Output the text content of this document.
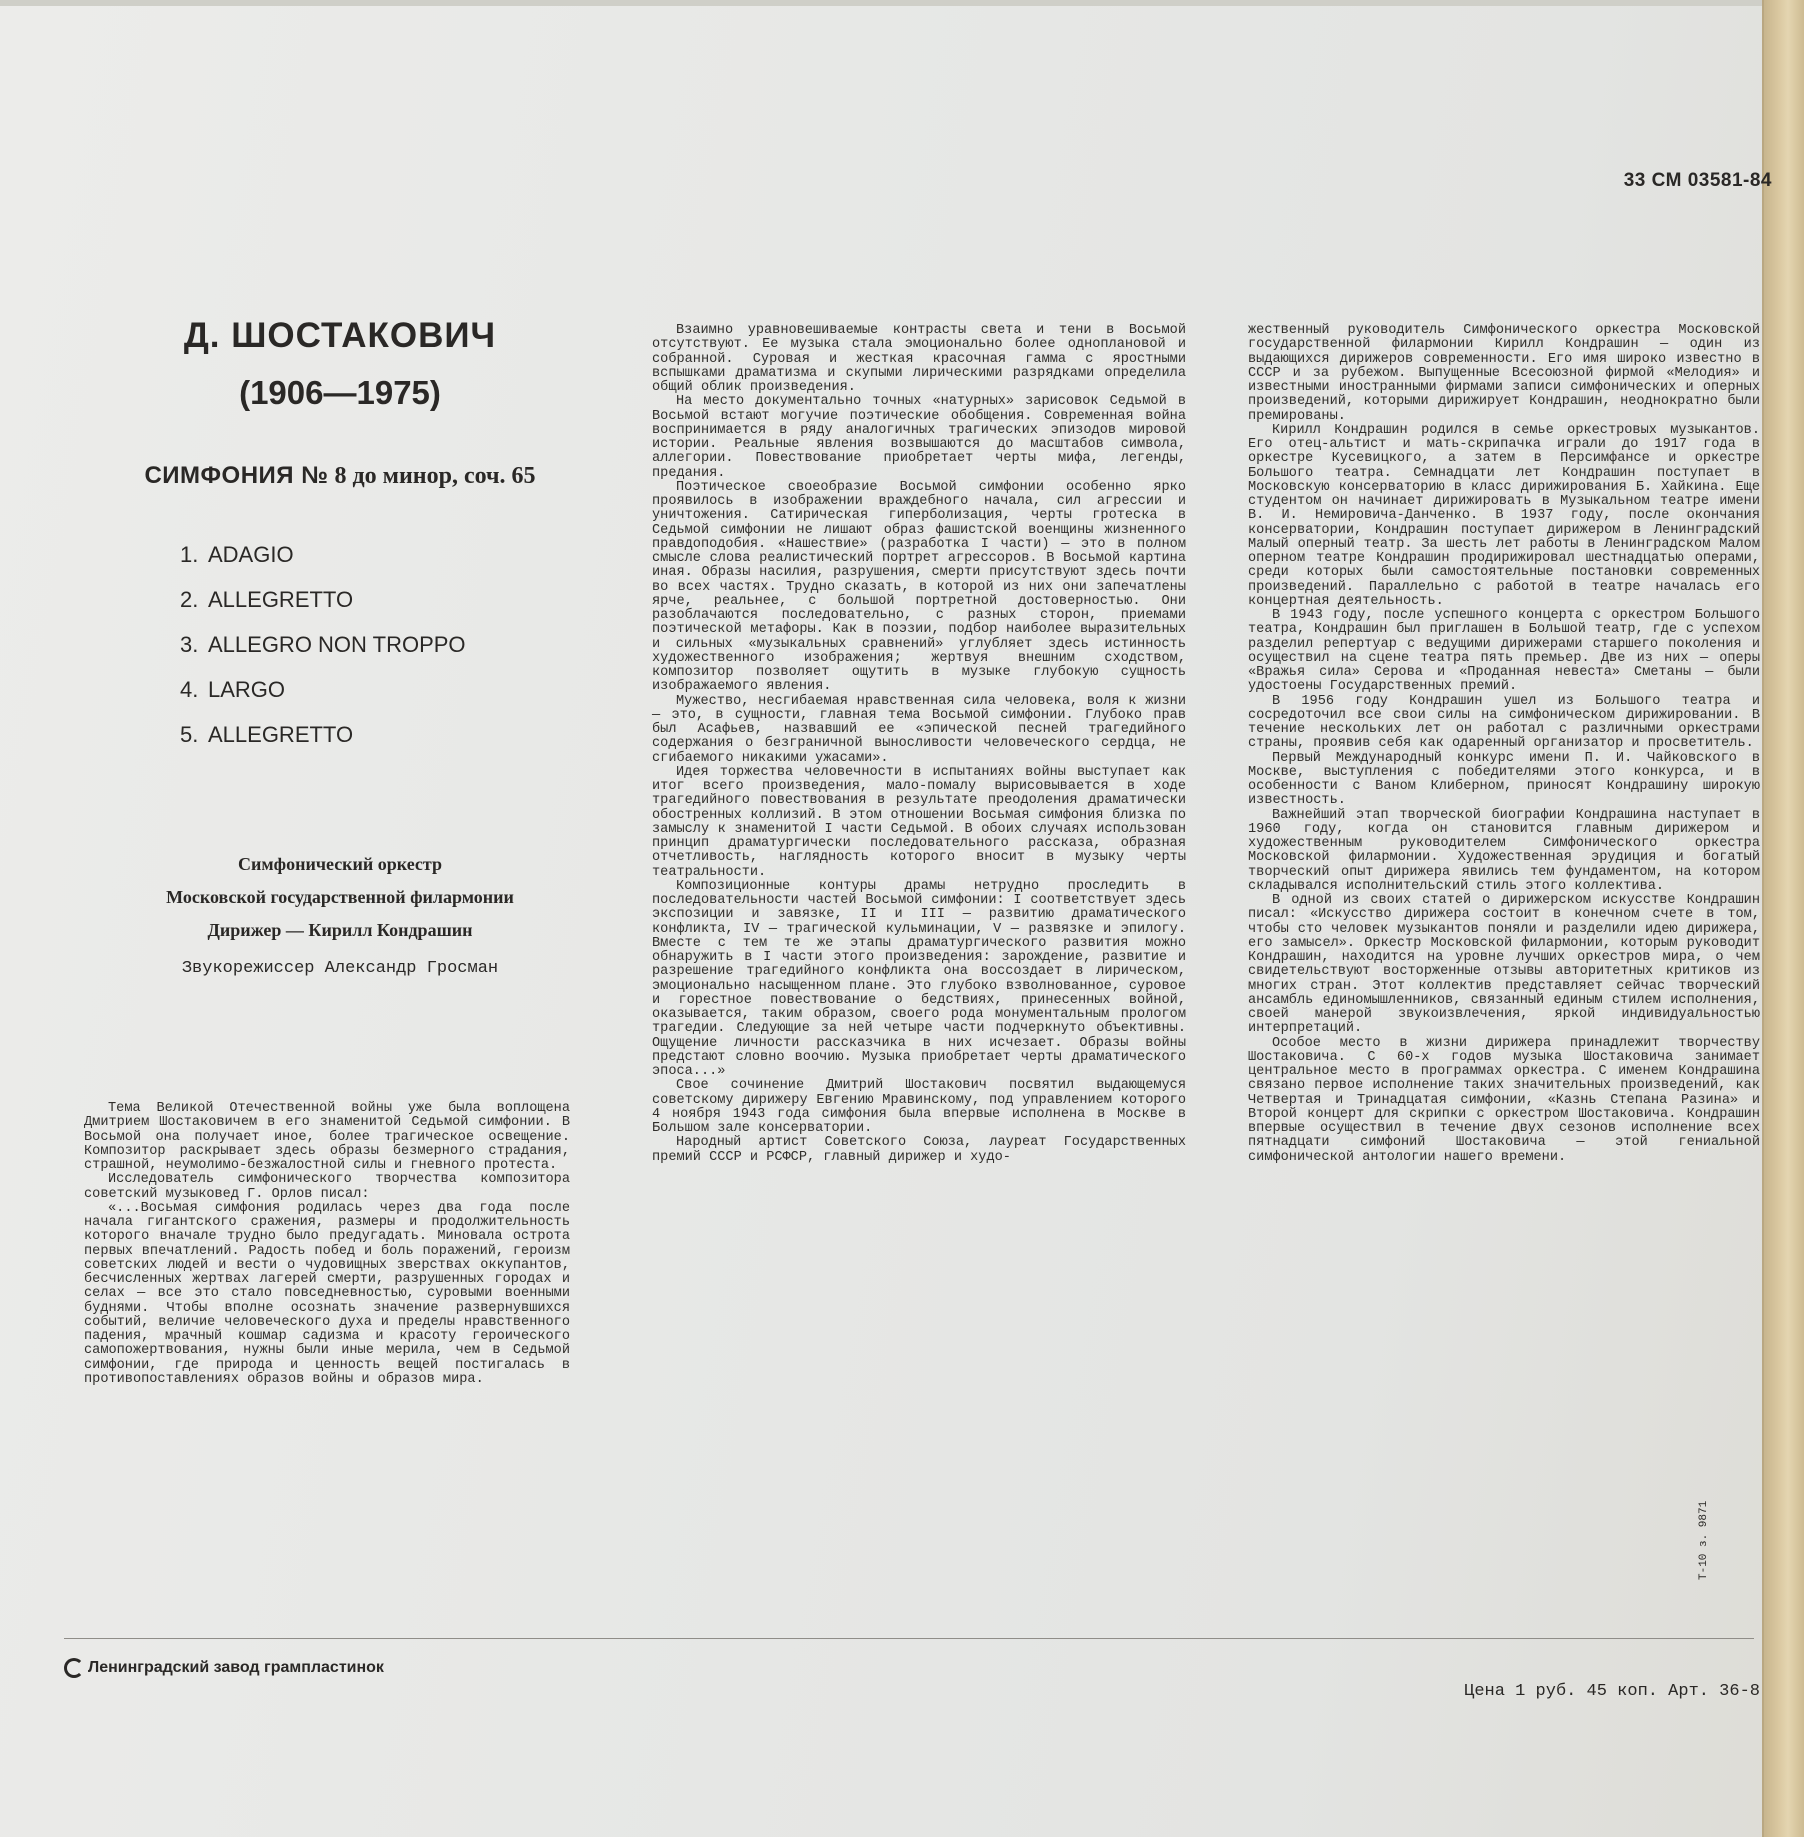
33 СМ 03581-84
Д. ШОСТАКОВИЧ
(1906—1975)
СИМФОНИЯ № 8 до минор, соч. 65
1. ADAGIO
2. ALLEGRETTO
3. ALLEGRO NON TROPPO
4. LARGO
5. ALLEGRETTO
Симфонический оркестр
Московской государственной филармонии
Дирижер — Кирилл Кондрашин
Звукорежиссер Александр Гросман

Тема Великой Отечественной войны уже была воплощена Дмитрием Шостаковичем в его знаменитой Седьмой симфонии. В Восьмой она получает иное, более трагическое освещение. Композитор раскрывает здесь образы безмерного страдания, страшной, неумолимо-безжалостной силы и гневного протеста.

Исследователь симфонического творчества композитора советский музыковед Г. Орлов писал:

«...Восьмая симфония родилась через два года после начала гигантского сражения, размеры и продолжительность которого вначале трудно было предугадать. Миновала острота первых впечатлений. Радость побед и боль поражений, героизм советских людей и вести о чудовищных зверствах оккупантов, бесчисленных жертвах лагерей смерти, разрушенных городах и селах — все это стало повседневностью, суровыми военными буднями. Чтобы вполне осознать значение развернувшихся событий, величие человеческого духа и пределы нравственного падения, мрачный кошмар садизма и красоту героического самопожертвования, нужны были иные мерила, чем в Седьмой симфонии, где природа и ценность вещей постигалась в противопоставлениях образов войны и образов мира.

Взаимно уравновешиваемые контрасты света и тени в Восьмой отсутствуют. Ее музыка стала эмоционально более одноплановой и собранной. Суровая и жесткая красочная гамма с яростными вспышками драматизма и скупыми лирическими разрядками определила общий облик произведения.

На место документально точных «натурных» зарисовок Седьмой в Восьмой встают могучие поэтические обобщения. Современная война воспринимается в ряду аналогичных трагических эпизодов мировой истории. Реальные явления возвышаются до масштабов символа, аллегории. Повествование приобретает черты мифа, легенды, предания.

Поэтическое своеобразие Восьмой симфонии особенно ярко проявилось в изображении враждебного начала, сил агрессии и уничтожения. Сатирическая гиперболизация, черты гротеска в Седьмой симфонии не лишают образ фашистской военщины жизненного правдоподобия. «Нашествие» (разработка I части) — это в полном смысле слова реалистический портрет агрессоров. В Восьмой картина иная. Образы насилия, разрушения, смерти присутствуют здесь почти во всех частях. Трудно сказать, в которой из них они запечатлены ярче, реальнее, с большой портретной достоверностью. Они разоблачаются последовательно, с разных сторон, приемами поэтической метафоры. Как в поэзии, подбор наиболее выразительных и сильных «музыкальных сравнений» углубляет здесь истинность художественного изображения; жертвуя внешним сходством, композитор позволяет ощутить в музыке глубокую сущность изображаемого явления.

Мужество, несгибаемая нравственная сила человека, воля к жизни — это, в сущности, главная тема Восьмой симфонии. Глубоко прав был Асафьев, назвавший ее «эпической песней трагедийного содержания о безграничной выносливости человеческого сердца, не сгибаемого никакими ужасами».

Идея торжества человечности в испытаниях войны выступает как итог всего произведения, мало-помалу вырисовывается в ходе трагедийного повествования в результате преодоления драматически обостренных коллизий. В этом отношении Восьмая симфония близка по замыслу к знаменитой I части Седьмой. В обоих случаях использован принцип драматургически последовательного рассказа, образная отчетливость, наглядность которого вносит в музыку черты театральности.

Композиционные контуры драмы нетрудно проследить в последовательности частей Восьмой симфонии: I соответствует здесь экспозиции и завязке, II и III — развитию драматического конфликта, IV — трагической кульминации, V — развязке и эпилогу. Вместе с тем те же этапы драматургического развития можно обнаружить в I части этого произведения: зарождение, развитие и разрешение трагедийного конфликта она воссоздает в лирическом, эмоционально насыщенном плане. Это глубоко взволнованное, суровое и горестное повествование о бедствиях, принесенных войной, оказывается, таким образом, своего рода монументальным прологом трагедии. Следующие за ней четыре части подчеркнуто объективны. Ощущение личности рассказчика в них исчезает. Образы войны предстают словно воочию. Музыка приобретает черты драматического эпоса...»

Свое сочинение Дмитрий Шостакович посвятил выдающемуся советскому дирижеру Евгению Мравинскому, под управлением которого 4 ноября 1943 года симфония была впервые исполнена в Москве в Большом зале консерватории.

Народный артист Советского Союза, лауреат Государственных премий СССР и РСФСР, главный дирижер и худо-

жественный руководитель Симфонического оркестра Московской государственной филармонии Кирилл Кондрашин — один из выдающихся дирижеров современности. Его имя широко известно в СССР и за рубежом. Выпущенные Всесоюзной фирмой «Мелодия» и известными иностранными фирмами записи симфонических и оперных произведений, которыми дирижирует Кондрашин, неоднократно были премированы.

Кирилл Кондрашин родился в семье оркестровых музыкантов. Его отец-альтист и мать-скрипачка играли до 1917 года в оркестре Кусевицкого, а затем в Персимфансе и оркестре Большого театра. Семнадцати лет Кондрашин поступает в Московскую консерваторию в класс дирижирования Б. Хайкина. Еще студентом он начинает дирижировать в Музыкальном театре имени В. И. Немировича-Данченко. В 1937 году, после окончания консерватории, Кондрашин поступает дирижером в Ленинградский Малый оперный театр. За шесть лет работы в Ленинградском Малом оперном театре Кондрашин продирижировал шестнадцатью операми, среди которых были самостоятельные постановки современных произведений. Параллельно с работой в театре началась его концертная деятельность.

В 1943 году, после успешного концерта с оркестром Большого театра, Кондрашин был приглашен в Большой театр, где с успехом разделил репертуар с ведущими дирижерами старшего поколения и осуществил на сцене театра пять премьер. Две из них — оперы «Вражья сила» Серова и «Проданная невеста» Сметаны — были удостоены Государственных премий.

В 1956 году Кондрашин ушел из Большого театра и сосредоточил все свои силы на симфоническом дирижировании. В течение нескольких лет он работал с различными оркестрами страны, проявив себя как одаренный организатор и просветитель.

Первый Международный конкурс имени П. И. Чайковского в Москве, выступления с победителями этого конкурса, и в особенности с Ваном Клиберном, приносят Кондрашину широкую известность.

Важнейший этап творческой биографии Кондрашина наступает в 1960 году, когда он становится главным дирижером и художественным руководителем Симфонического оркестра Московской филармонии. Художественная эрудиция и богатый творческий опыт дирижера явились тем фундаментом, на котором складывался исполнительский стиль этого коллектива.

В одной из своих статей о дирижерском искусстве Кондрашин писал: «Искусство дирижера состоит в конечном счете в том, чтобы сто человек музыкантов поняли и разделили идею дирижера, его замысел». Оркестр Московской филармонии, которым руководит Кондрашин, находится на уровне лучших оркестров мира, о чем свидетельствуют восторженные отзывы авторитетных критиков из многих стран. Этот коллектив представляет сейчас творческий ансамбль единомышленников, связанный единым стилем исполнения, своей манерой звукоизвлечения, яркой индивидуальностью интерпретаций.

Особое место в жизни дирижера принадлежит творчеству Шостаковича. С 60-х годов музыка Шостаковича занимает центральное место в программах оркестра. С именем Кондрашина связано первое исполнение таких значительных произведений, как Четвертая и Тринадцатая симфонии, «Казнь Степана Разина» и Второй концерт для скрипки с оркестром Шостаковича. Кондрашин впервые осуществил в течение двух сезонов исполнение всех пятнадцати симфоний Шостаковича — этой гениальной симфонической антологии нашего времени.

Т-10 з. 9871
Ленинградский завод грампластинок
Цена 1 руб. 45 коп. Арт. 36-8
